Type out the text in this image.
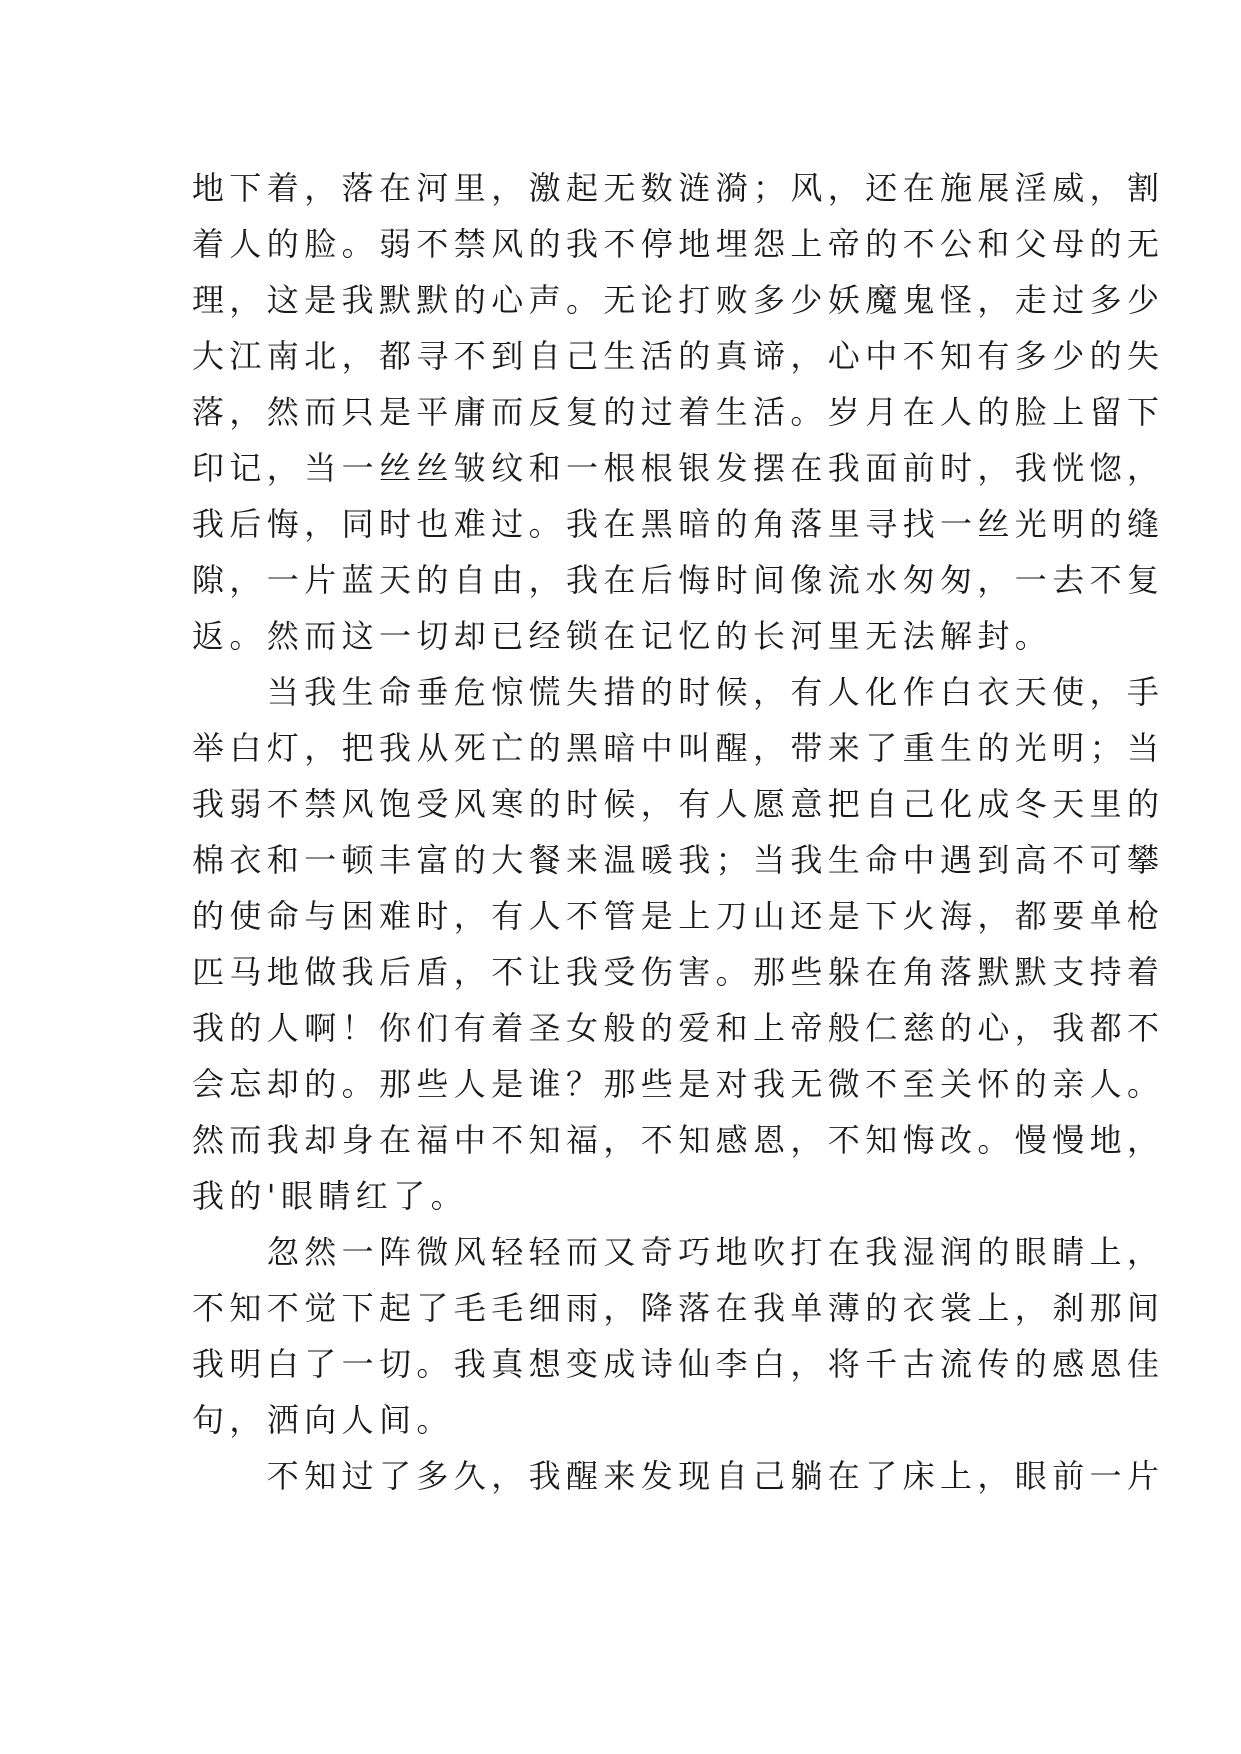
地下着，落在河里，激起无数涟漪；风，还在施展淫威，割
着人的脸。弱不禁风的我不停地埋怨上帝的不公和父母的无
理，这是我默默的心声。无论打败多少妖魔鬼怪，走过多少
大江南北，都寻不到自己生活的真谛，心中不知有多少的失
落，然而只是平庸而反复的过着生活。岁月在人的脸上留下
印记，当一丝丝皱纹和一根根银发摆在我面前时，我恍惚，
我后悔，同时也难过。我在黑暗的角落里寻找一丝光明的缝
隙，一片蓝天的自由，我在后悔时间像流水匆匆，一去不复
返。然而这一切却已经锁在记忆的长河里无法解封。
　　当我生命垂危惊慌失措的时候，有人化作白衣天使，手
举白灯，把我从死亡的黑暗中叫醒，带来了重生的光明；当
我弱不禁风饱受风寒的时候，有人愿意把自己化成冬天里的
棉衣和一顿丰富的大餐来温暖我；当我生命中遇到高不可攀
的使命与困难时，有人不管是上刀山还是下火海，都要单枪
匹马地做我后盾，不让我受伤害。那些躲在角落默默支持着
我的人啊！你们有着圣女般的爱和上帝般仁慈的心，我都不
会忘却的。那些人是谁？那些是对我无微不至关怀的亲人。
然而我却身在福中不知福，不知感恩，不知悔改。慢慢地，
我的'眼睛红了。
　　忽然一阵微风轻轻而又奇巧地吹打在我湿润的眼睛上，
不知不觉下起了毛毛细雨，降落在我单薄的衣裳上，刹那间
我明白了一切。我真想变成诗仙李白，将千古流传的感恩佳
句，洒向人间。
　　不知过了多久，我醒来发现自己躺在了床上，眼前一片
